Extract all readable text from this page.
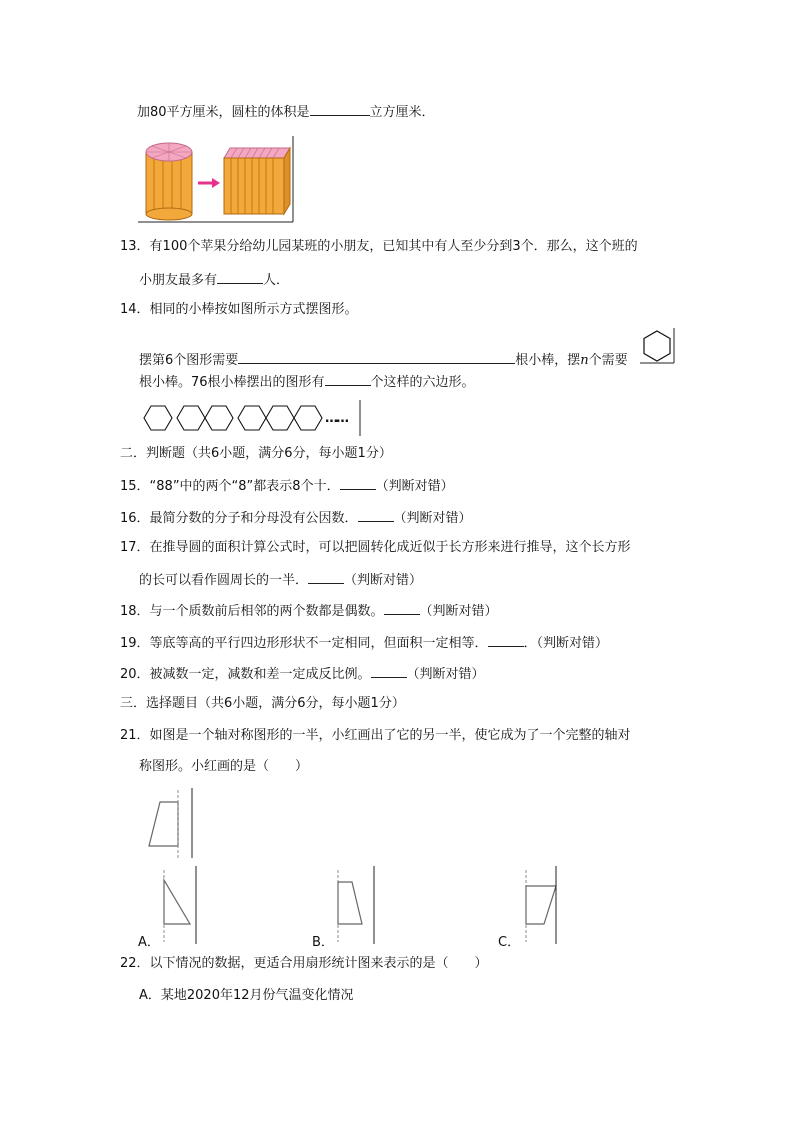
加80平方厘米，圆柱的体积是	立方厘米．
13．有100个苹果分给幼儿园某班的小朋友，已知其中有人至少分到3个．那么，这个班的
小朋友最多有	人．
14．相同的小棒按如图所示方式摆图形。
摆第6个图形需要	根小棒，摆n个需要
根小棒。76根小棒摆出的图形有	个这样的六边形。
……
二．判断题（共6小题，满分6分，每小题1分）
15．“88”中的两个“8”都表示8个十．	（判断对错）
16．最简分数的分子和分母没有公因数．	（判断对错）
17．在推导圆的面积计算公式时，可以把圆转化成近似于长方形来进行推导，这个长方形
的长可以看作圆周长的一半．	（判断对错）
18．与一个质数前后相邻的两个数都是偶数。	（判断对错）
19．等底等高的平行四边形形状不一定相同，但面积一定相等．	．（判断对错）
20．被减数一定，减数和差一定成反比例。	（判断对错）
三．选择题目（共6小题，满分6分，每小题1分）
21．如图是一个轴对称图形的一半，小红画出了它的另一半，使它成为了一个完整的轴对
称图形。小红画的是（　　）
A．	B．	C．
22．以下情况的数据，更适合用扇形统计图来表示的是（　　）
A．某地2020年12月份气温变化情况
